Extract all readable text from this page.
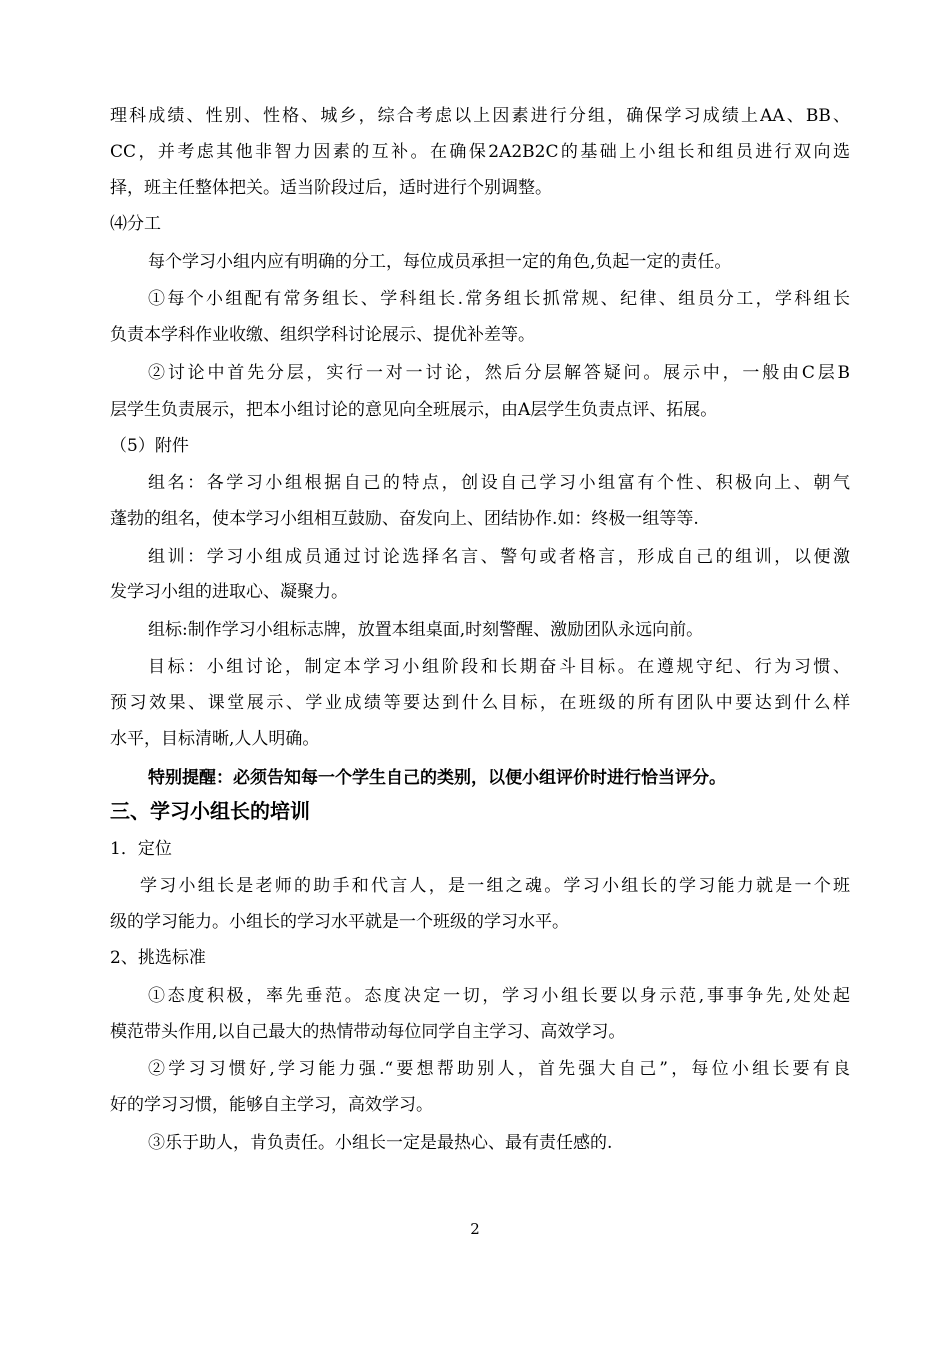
理科成绩、性别、性格、城乡，综合考虑以上因素进行分组，确保学习成绩上AA、BB、
CC，并考虑其他非智力因素的互补。在确保2A2B2C的基础上小组长和组员进行双向选
择，班主任整体把关。适当阶段过后，适时进行个别调整。
⑷分工
每个学习小组内应有明确的分工，每位成员承担一定的角色,负起一定的责任。
①每个小组配有常务组长、学科组长.常务组长抓常规、纪律、组员分工，学科组长
负责本学科作业收缴、组织学科讨论展示、提优补差等。
②讨论中首先分层，实行一对一讨论，然后分层解答疑问。展示中，一般由C层B
层学生负责展示，把本小组讨论的意见向全班展示，由A层学生负责点评、拓展。
（5）附件
组名：各学习小组根据自己的特点，创设自己学习小组富有个性、积极向上、朝气
蓬勃的组名，使本学习小组相互鼓励、奋发向上、团结协作.如：终极一组等等.
组训：学习小组成员通过讨论选择名言、警句或者格言，形成自己的组训，以便激
发学习小组的进取心、凝聚力。
组标:制作学习小组标志牌，放置本组桌面,时刻警醒、激励团队永远向前。
目标：小组讨论，制定本学习小组阶段和长期奋斗目标。在遵规守纪、行为习惯、
预习效果、课堂展示、学业成绩等要达到什么目标，在班级的所有团队中要达到什么样
水平，目标清晰,人人明确。
特别提醒：必须告知每一个学生自己的类别，以便小组评价时进行恰当评分。
三、学习小组长的培训
1．定位
学习小组长是老师的助手和代言人，是一组之魂。学习小组长的学习能力就是一个班
级的学习能力。小组长的学习水平就是一个班级的学习水平。
2、挑选标准
①态度积极，率先垂范。态度决定一切，学习小组长要以身示范,事事争先,处处起
模范带头作用,以自己最大的热情带动每位同学自主学习、高效学习。
②学习习惯好,学习能力强.“要想帮助别人，首先强大自己”，每位小组长要有良
好的学习习惯，能够自主学习，高效学习。
③乐于助人，肯负责任。小组长一定是最热心、最有责任感的.
2
